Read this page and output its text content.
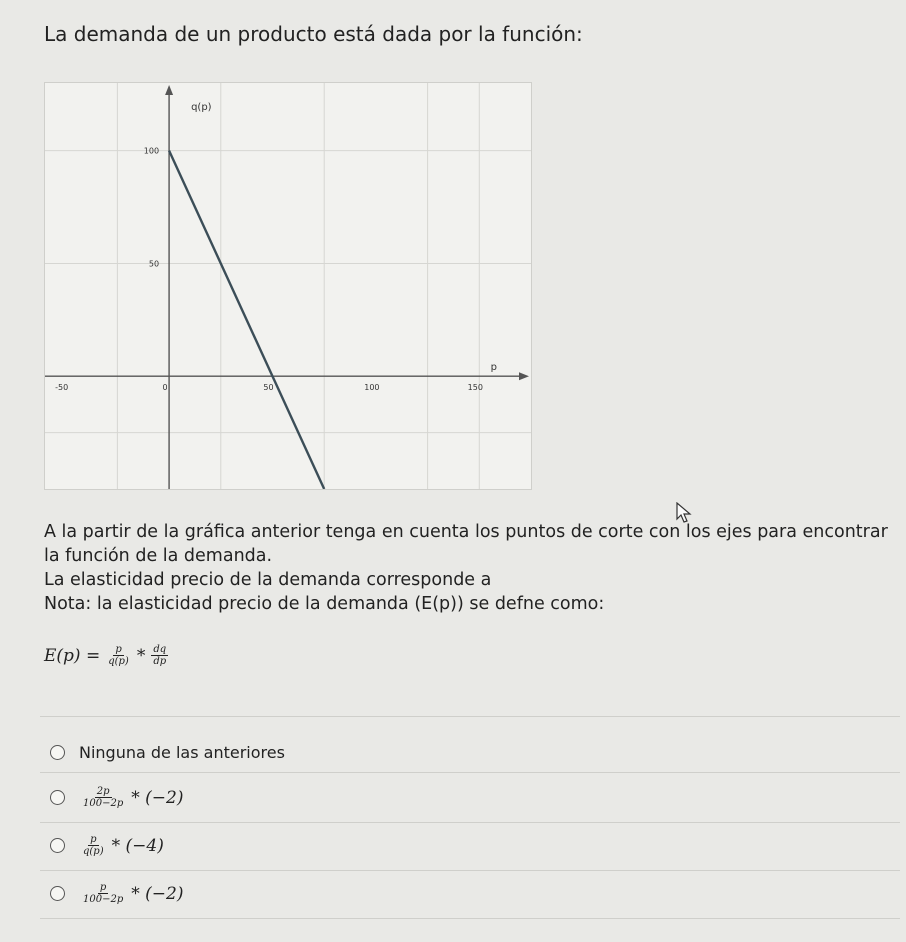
La demanda de un producto está dada por la función:
-50	0	50	100	150
100
50
p
q(p)

A la partir de la gráfica anterior tenga en cuenta los puntos de corte con los ejes para encontrar la función de la demanda.

La elasticidad precio de la demanda corresponde a

Nota: la elasticidad precio de la demanda (E(p)) se defne como:

$E(p) = \frac{p}{q(p)} * \frac{dq}{dp}$
Ninguna de las anteriores
$\frac{2p}{100-2p} * (-2)$
$\frac{p}{q(p)} * (-4)$
$\frac{p}{100-2p} * (-2)$
